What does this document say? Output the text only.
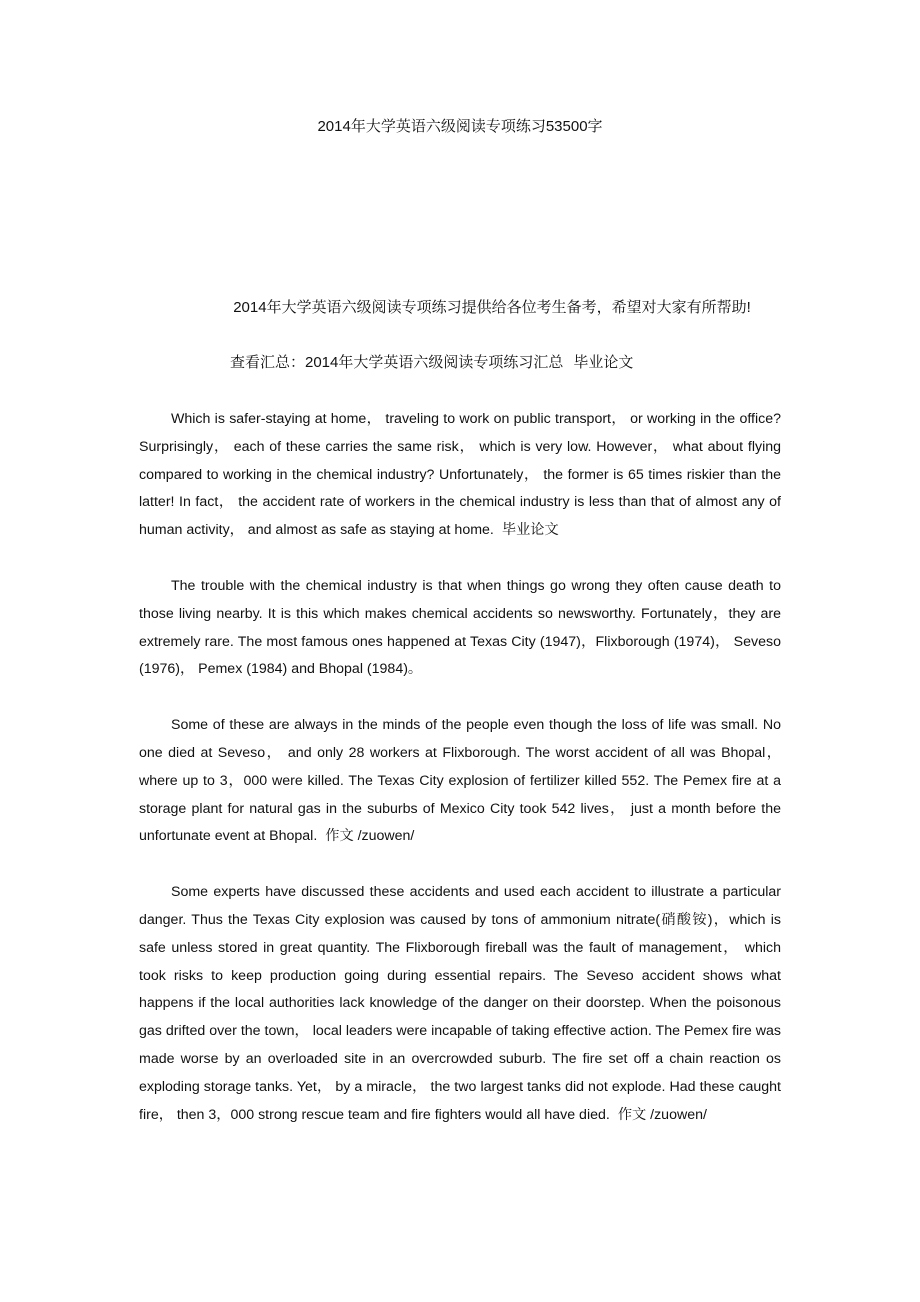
2014年大学英语六级阅读专项练习53500字

2014年大学英语六级阅读专项练习提供给各位考生备考，希望对大家有所帮助!

查看汇总：2014年大学英语六级阅读专项练习汇总 毕业论文

Which is safer-staying at home， traveling to work on public transport， or working in the office? Surprisingly， each of these carries the same risk， which is very low. However， what about flying compared to working in the chemical industry? Unfortunately， the former is 65 times riskier than the latter! In fact， the accident rate of workers in the chemical industry is less than that of almost any of human activity， and almost as safe as staying at home. 毕业论文

The trouble with the chemical industry is that when things go wrong they often cause death to those living nearby. It is this which makes chemical accidents so newsworthy. Fortunately，they are extremely rare. The most famous ones happened at Texas City (1947)，Flixborough (1974)， Seveso (1976)， Pemex (1984) and Bhopal (1984)。

Some of these are always in the minds of the people even though the loss of life was small. No one died at Seveso， and only 28 workers at Flixborough. The worst accident of all was Bhopal， where up to 3，000 were killed. The Texas City explosion of fertilizer killed 552. The Pemex fire at a storage plant for natural gas in the suburbs of Mexico City took 542 lives， just a month before the unfortunate event at Bhopal. 作文 /zuowen/

Some experts have discussed these accidents and used each accident to illustrate a particular danger. Thus the Texas City explosion was caused by tons of ammonium nitrate(硝酸铵)，which is safe unless stored in great quantity. The Flixborough fireball was the fault of management， which took risks to keep production going during essential repairs. The Seveso accident shows what happens if the local authorities lack knowledge of the danger on their doorstep. When the poisonous gas drifted over the town， local leaders were incapable of taking effective action. The Pemex fire was made worse by an overloaded site in an overcrowded suburb. The fire set off a chain reaction os exploding storage tanks. Yet， by a miracle， the two largest tanks did not explode. Had these caught fire， then 3，000 strong rescue team and fire fighters would all have died. 作文 /zuowen/
